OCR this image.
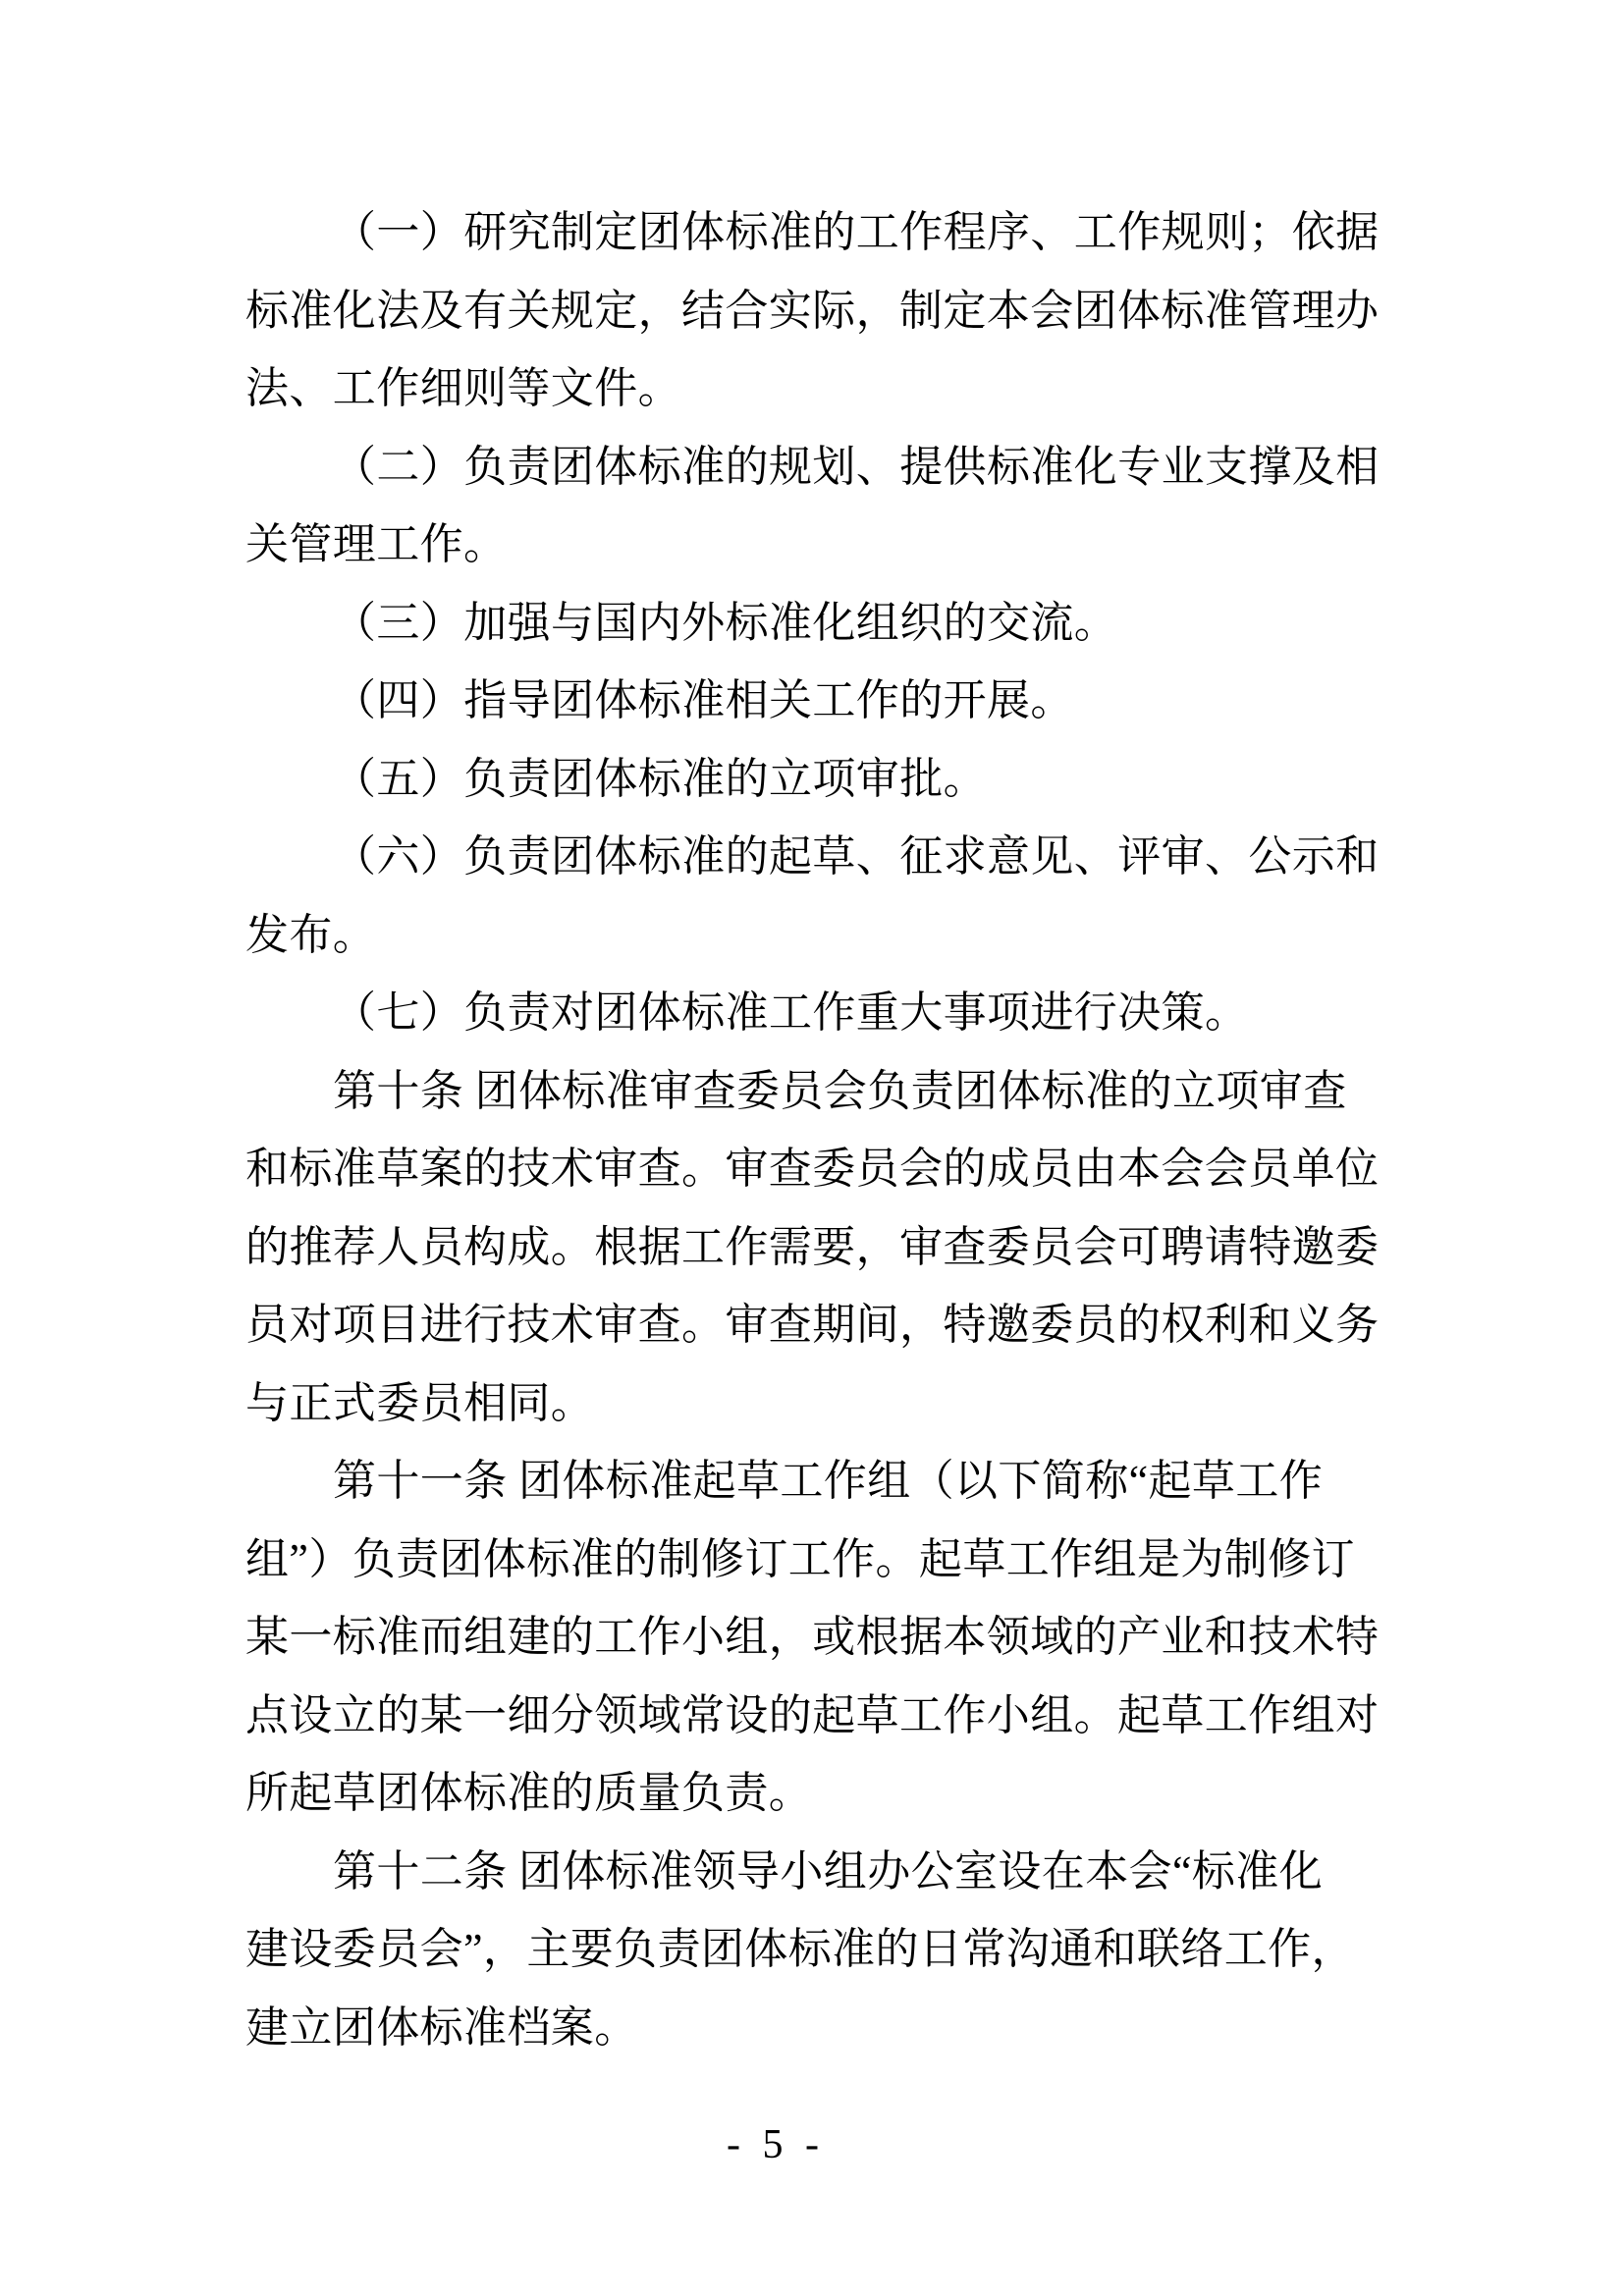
（一）研究制定团体标准的工作程序、工作规则；依据
标准化法及有关规定，结合实际，制定本会团体标准管理办
法、工作细则等文件。
（二）负责团体标准的规划、提供标准化专业支撑及相
关管理工作。
（三）加强与国内外标准化组织的交流。
（四）指导团体标准相关工作的开展。
（五）负责团体标准的立项审批。
（六）负责团体标准的起草、征求意见、评审、公示和
发布。
（七）负责对团体标准工作重大事项进行决策。
第十条 团体标准审查委员会负责团体标准的立项审查
和标准草案的技术审查。审查委员会的成员由本会会员单位
的推荐人员构成。根据工作需要，审查委员会可聘请特邀委
员对项目进行技术审查。审查期间，特邀委员的权利和义务
与正式委员相同。
第十一条 团体标准起草工作组（以下简称“起草工作
组”）负责团体标准的制修订工作。起草工作组是为制修订
某一标准而组建的工作小组，或根据本领域的产业和技术特
点设立的某一细分领域常设的起草工作小组。起草工作组对
所起草团体标准的质量负责。
第十二条 团体标准领导小组办公室设在本会“标准化
建设委员会”，主要负责团体标准的日常沟通和联络工作，
建立团体标准档案。
- 5 -
